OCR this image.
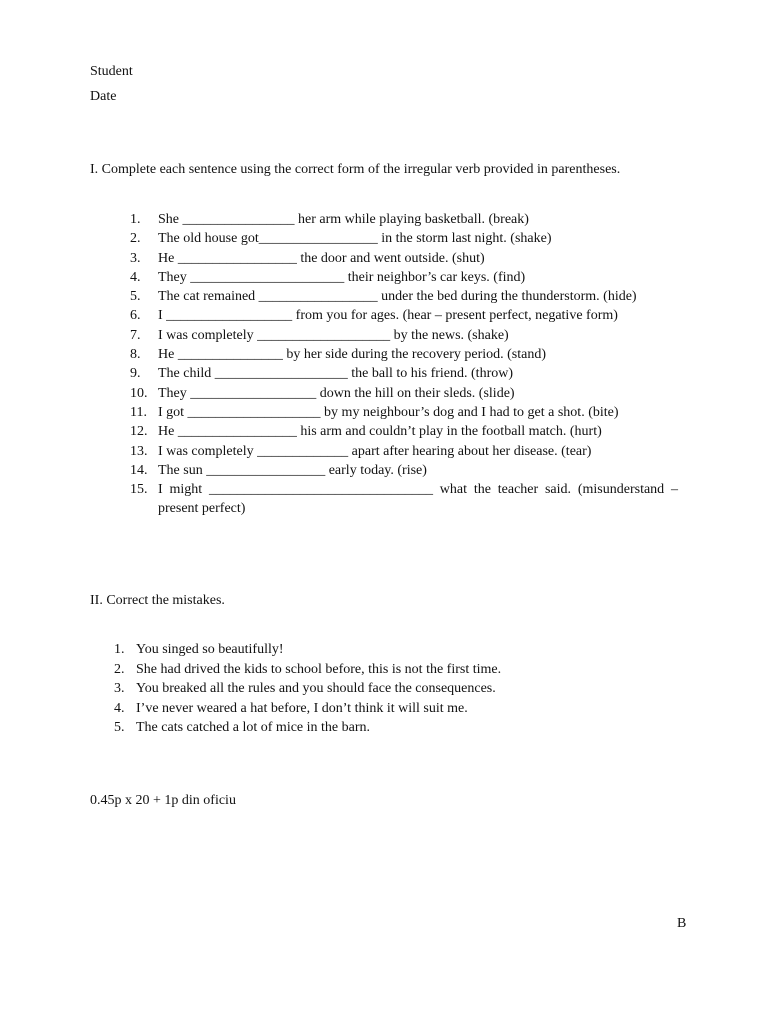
Student

Date

I. Complete each sentence using the correct form of the irregular verb provided in parentheses.

1.	She ________________ her arm while playing basketball. (break)
2.	The old house got_________________ in the storm last night. (shake)
3.	He _________________ the door and went outside. (shut)
4.	They ______________________ their neighbor’s car keys. (find)
5.	The cat remained _________________ under the bed during the thunderstorm. (hide)
6.	I __________________ from you for ages. (hear – present perfect, negative form)
7.	I was completely ___________________ by the news. (shake)
8.	He _______________ by her side during the recovery period. (stand)
9.	The child ___________________ the ball to his friend. (throw)
10. They __________________ down the hill on their sleds. (slide)
11. I got ___________________ by my neighbour’s dog and I had to get a shot. (bite)
12. He _________________ his arm and couldn’t play in the football match. (hurt)
13. I was completely _____________ apart after hearing about her disease. (tear)
14. The sun _________________ early today. (rise)
15. I might ________________________________ what the teacher said. (misunderstand – present perfect)

II. Correct the mistakes.

1. You singed so beautifully!
2. She had drived the kids to school before, this is not the first time.
3. You breaked all the rules and you should face the consequences.
4. I’ve never weared a hat before, I don’t think it will suit me.
5. The cats catched a lot of mice in the barn.

0.45p x 20 + 1p din oficiu

B
